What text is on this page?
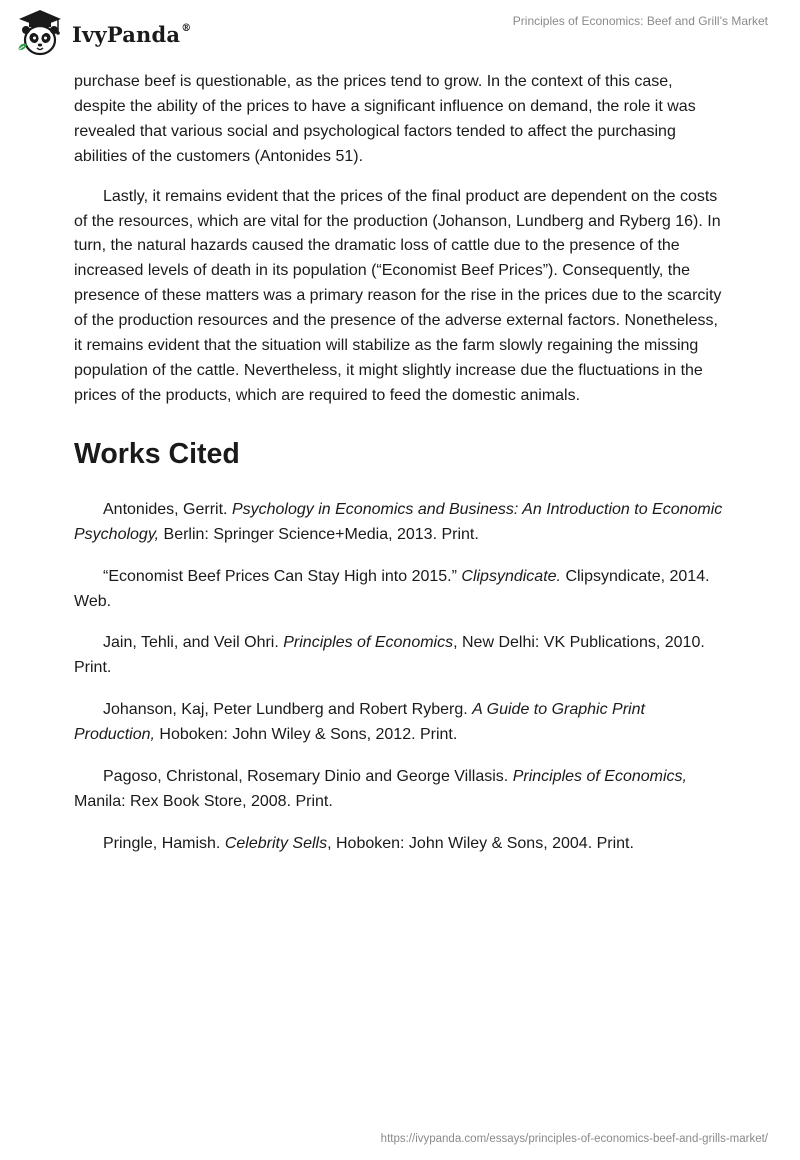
IvyPanda®	Principles of Economics: Beef and Grill’s Market

purchase beef is questionable, as the prices tend to grow. In the context of this case, despite the ability of the prices to have a significant influence on demand, the role it was revealed that various social and psychological factors tended to affect the purchasing abilities of the customers (Antonides 51).

Lastly, it remains evident that the prices of the final product are dependent on the costs of the resources, which are vital for the production (Johanson, Lundberg and Ryberg 16). In turn, the natural hazards caused the dramatic loss of cattle due to the presence of the increased levels of death in its population (“Economist Beef Prices”). Consequently, the presence of these matters was a primary reason for the rise in the prices due to the scarcity of the production resources and the presence of the adverse external factors. Nonetheless, it remains evident that the situation will stabilize as the farm slowly regaining the missing population of the cattle. Nevertheless, it might slightly increase due the fluctuations in the prices of the products, which are required to feed the domestic animals.

Works Cited

Antonides, Gerrit. Psychology in Economics and Business: An Introduction to Economic Psychology, Berlin: Springer Science+Media, 2013. Print.

“Economist Beef Prices Can Stay High into 2015.” Clipsyndicate. Clipsyndicate, 2014. Web.

Jain, Tehli, and Veil Ohri. Principles of Economics, New Delhi: VK Publications, 2010. Print.

Johanson, Kaj, Peter Lundberg and Robert Ryberg. A Guide to Graphic Print Production, Hoboken: John Wiley & Sons, 2012. Print.

Pagoso, Christonal, Rosemary Dinio and George Villasis. Principles of Economics, Manila: Rex Book Store, 2008. Print.

Pringle, Hamish. Celebrity Sells, Hoboken: John Wiley & Sons, 2004. Print.

https://ivypanda.com/essays/principles-of-economics-beef-and-grills-market/
